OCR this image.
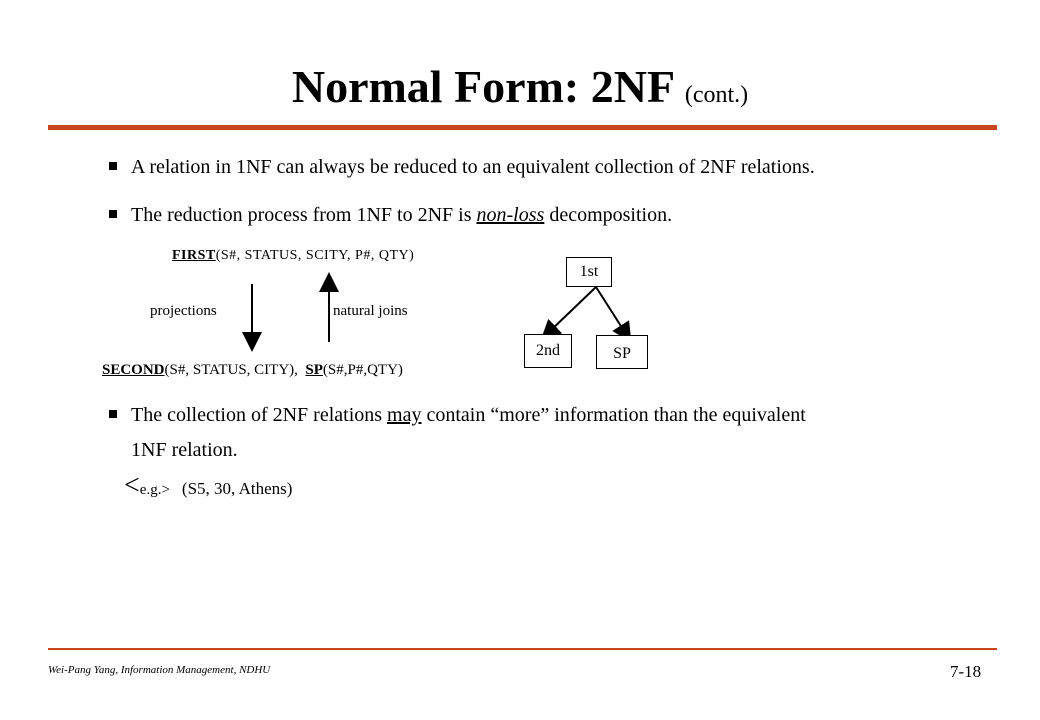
Normal Form: 2NF (cont.)
A relation in 1NF can always be reduced to an equivalent collection of 2NF relations.
The reduction process from 1NF to 2NF is non-loss decomposition.
FIRST(S#, STATUS, SCITY, P#, QTY)
projections	natural joins
SECOND(S#, STATUS, CITY), SP(S#,P#,QTY)
1st
2nd	SP
The collection of 2NF relations may contain “more” information than the equivalent
1NF relation.
<e.g.> (S5, 30, Athens)
Wei-Pang Yang, Information Management, NDHU	7-18
